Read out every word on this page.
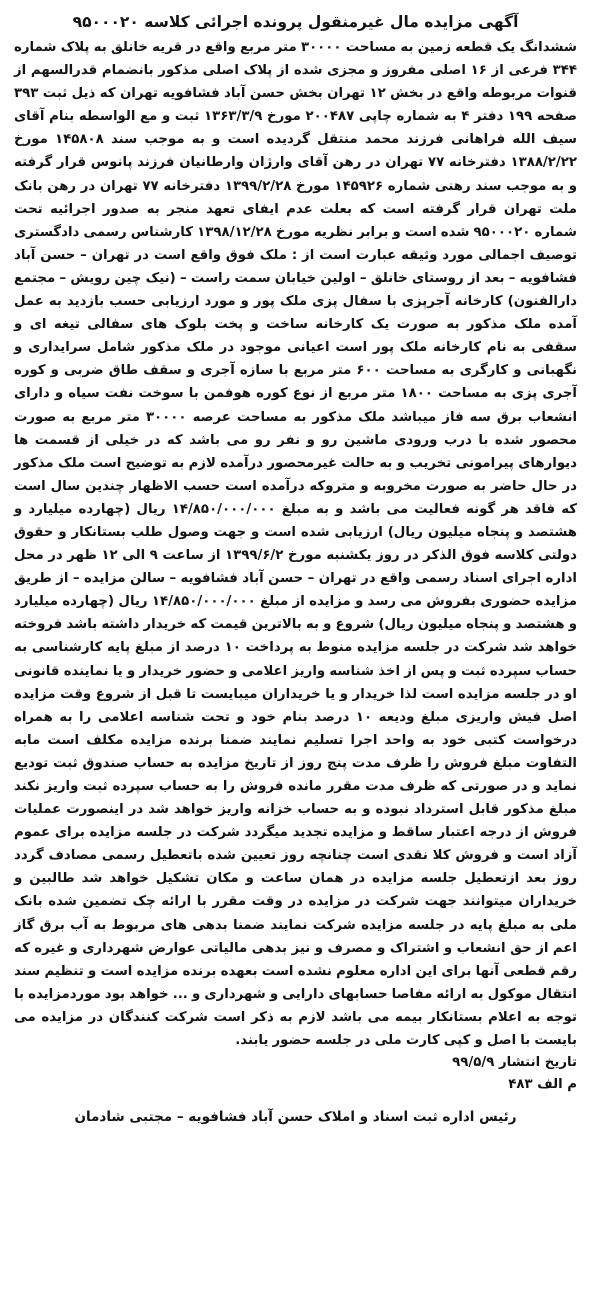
آگهی مزایده مال غیرمنقول پرونده اجرائی کلاسه ۹۵۰۰۰۲۰

ششدانگ یک قطعه زمین به مساحت ۳۰۰۰۰ متر مربع واقع در قریه خانلق به پلاک شماره ۳۴۴ فرعی از ۱۶ اصلی مفروز و مجزی شده از پلاک اصلی مذکور بانضمام قدرالسهم از قنوات مربوطه واقع در بخش ۱۲ تهران بخش حسن آباد فشافویه تهران که ذیل ثبت ۳۹۳ صفحه ۱۹۹ دفتر ۴ به شماره چاپی ۲۰۰۴۸۷ مورخ ۱۳۶۳/۳/۹ ثبت و مع الواسطه بنام آقای سیف الله فراهانی فرزند محمد منتقل گردیده است و به موجب سند ۱۴۵۸۰۸ مورخ ۱۳۸۸/۲/۲۲ دفترخانه ۷۷ تهران در رهن آقای وارژان وارطانیان فرزند پانوس قرار گرفته و به موجب سند رهنی شماره ۱۴۵۹۲۶ مورخ ۱۳۹۹/۲/۲۸ دفترخانه ۷۷ تهران در رهن بانک ملت تهران قرار گرفته است که بعلت عدم ایفای تعهد منجر به صدور اجرائیه تحت شماره ۹۵۰۰۰۲۰ شده است و برابر نظریه مورخ ۱۳۹۸/۱۲/۲۸ کارشناس رسمی دادگستری توصیف اجمالی مورد وثیقه عبارت است از : ملک فوق واقع است در تهران – حسن آباد فشافویه – بعد از روستای خانلق – اولین خیابان سمت راست – (نیک چین رویش – مجتمع دارالفنون) کارخانه آجرپزی با سفال پزی ملک پور و مورد ارزیابی حسب بازدید به عمل آمده ملک مذکور به صورت یک کارخانه ساخت و پخت بلوک های سفالی تیغه ای و سقفی به نام کارخانه ملک پور است اعیانی موجود در ملک مذکور شامل سرایداری و نگهبانی و کارگری به مساحت ۶۰۰ متر مربع با سازه آجری و سقف طاق ضربی و کوره آجری پزی به مساحت ۱۸۰۰ متر مربع از نوع کوره هوفمن با سوخت نفت سیاه و دارای انشعاب برق سه فاز میباشد ملک مذکور به مساحت عرصه ۳۰۰۰۰ متر مربع به صورت محصور شده با درب ورودی ماشین رو و نفر رو می باشد که در خیلی از قسمت ها دیوارهای پیرامونی تخریب و به حالت غیرمحصور درآمده لازم به توضیح است ملک مذکور در حال حاضر به صورت مخروبه و متروکه درآمده است حسب الاظهار چندین سال است که فاقد هر گونه فعالیت می باشد و به مبلغ ۱۴/۸۵۰/۰۰۰/۰۰۰ ریال (چهارده میلیارد و هشتصد و پنجاه میلیون ریال) ارزیابی شده است و جهت وصول طلب بستانکار و حقوق دولتی کلاسه فوق الذکر در روز یکشنبه مورخ ۱۳۹۹/۶/۲ از ساعت ۹ الی ۱۲ ظهر در محل اداره اجرای اسناد رسمی واقع در تهران – حسن آباد فشافویه – سالن مزایده – از طریق مزایده حضوری بفروش می رسد و مزایده از مبلغ ۱۴/۸۵۰/۰۰۰/۰۰۰ ریال (چهارده میلیارد و هشتصد و پنجاه میلیون ریال) شروع و به بالاترین قیمت که خریدار داشته باشد فروخته خواهد شد شرکت در جلسه مزایده منوط به پرداخت ۱۰ درصد از مبلغ پایه کارشناسی به حساب سپرده ثبت و پس از اخذ شناسه واریز اعلامی و حضور خریدار و یا نماینده قانونی او در جلسه مزایده است لذا خریدار و یا خریداران میبایست تا قبل از شروع وقت مزایده اصل فیش واریزی مبلغ ودیعه ۱۰ درصد بنام خود و تحت شناسه اعلامی را به همراه درخواست کتبی خود به واحد اجرا تسلیم نمایند ضمنا برنده مزایده مکلف است مابه التفاوت مبلغ فروش را ظرف مدت پنج روز از تاریخ مزایده به حساب صندوق ثبت تودیع نماید و در صورتی که ظرف مدت مقرر مانده فروش را به حساب سپرده ثبت واریز نکند مبلغ مذکور قابل استرداد نبوده و به حساب خزانه واریز خواهد شد در اینصورت عملیات فروش از درجه اعتبار ساقط و مزایده تجدید میگردد شرکت در جلسه مزایده برای عموم آزاد است و فروش کلا نقدی است چنانچه روز تعیین شده باتعطیل رسمی مصادف گردد روز بعد ازتعطیل جلسه مزایده در همان ساعت و مکان تشکیل خواهد شد طالبین و خریداران میتوانند جهت شرکت در مزایده در وقت مقرر با ارائه چک تضمین شده بانک ملی به مبلغ پایه در جلسه مزایده شرکت نمایند ضمنا بدهی های مربوط به آب برق گاز اعم از حق انشعاب و اشتراک و مصرف و نیز بدهی مالیاتی عوارض شهرداری و غیره که رقم قطعی آنها برای این اداره معلوم نشده است بعهده برنده مزایده است و تنظیم سند انتقال موکول به ارائه مفاصا حسابهای دارایی و شهرداری و ... خواهد بود موردمزایده با توجه به اعلام بستانکار بیمه می باشد لازم به ذکر است شرکت کنندگان در مزایده می بایست با اصل و کپی کارت ملی در جلسه حضور یابند.

تاریخ انتشار ۹۹/۵/۹
م الف ۴۸۳
رئیس اداره ثبت اسناد و املاک حسن آباد فشافویه – مجتبی شادمان
